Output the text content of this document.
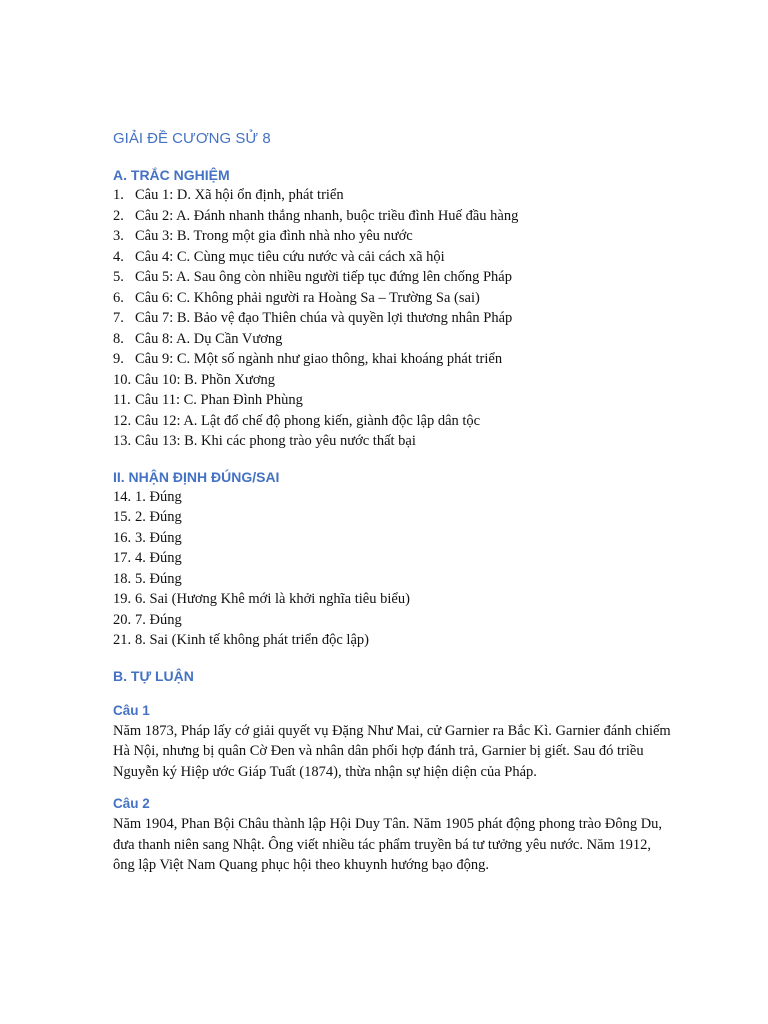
GIẢI ĐỀ CƯƠNG SỬ 8
A. TRẮC NGHIỆM
1. Câu 1: D. Xã hội ổn định, phát triển
2. Câu 2: A. Đánh nhanh thắng nhanh, buộc triều đình Huế đầu hàng
3. Câu 3: B. Trong một gia đình nhà nho yêu nước
4. Câu 4: C. Cùng mục tiêu cứu nước và cải cách xã hội
5. Câu 5: A. Sau ông còn nhiều người tiếp tục đứng lên chống Pháp
6. Câu 6: C. Không phải người ra Hoàng Sa – Trường Sa (sai)
7. Câu 7: B. Bảo vệ đạo Thiên chúa và quyền lợi thương nhân Pháp
8. Câu 8: A. Dụ Cần Vương
9. Câu 9: C. Một số ngành như giao thông, khai khoáng phát triển
10. Câu 10: B. Phồn Xương
11. Câu 11: C. Phan Đình Phùng
12. Câu 12: A. Lật đổ chế độ phong kiến, giành độc lập dân tộc
13. Câu 13: B. Khi các phong trào yêu nước thất bại
II. NHẬN ĐỊNH ĐÚNG/SAI
14. 1. Đúng
15. 2. Đúng
16. 3. Đúng
17. 4. Đúng
18. 5. Đúng
19. 6. Sai (Hương Khê mới là khởi nghĩa tiêu biểu)
20. 7. Đúng
21. 8. Sai (Kinh tế không phát triển độc lập)
B. TỰ LUẬN
Câu 1

Năm 1873, Pháp lấy cớ giải quyết vụ Đặng Như Mai, cử Garnier ra Bắc Kì. Garnier đánh chiếm Hà Nội, nhưng bị quân Cờ Đen và nhân dân phối hợp đánh trả, Garnier bị giết. Sau đó triều Nguyễn ký Hiệp ước Giáp Tuất (1874), thừa nhận sự hiện diện của Pháp.

Câu 2

Năm 1904, Phan Bội Châu thành lập Hội Duy Tân. Năm 1905 phát động phong trào Đông Du, đưa thanh niên sang Nhật. Ông viết nhiều tác phẩm truyền bá tư tưởng yêu nước. Năm 1912, ông lập Việt Nam Quang phục hội theo khuynh hướng bạo động.
